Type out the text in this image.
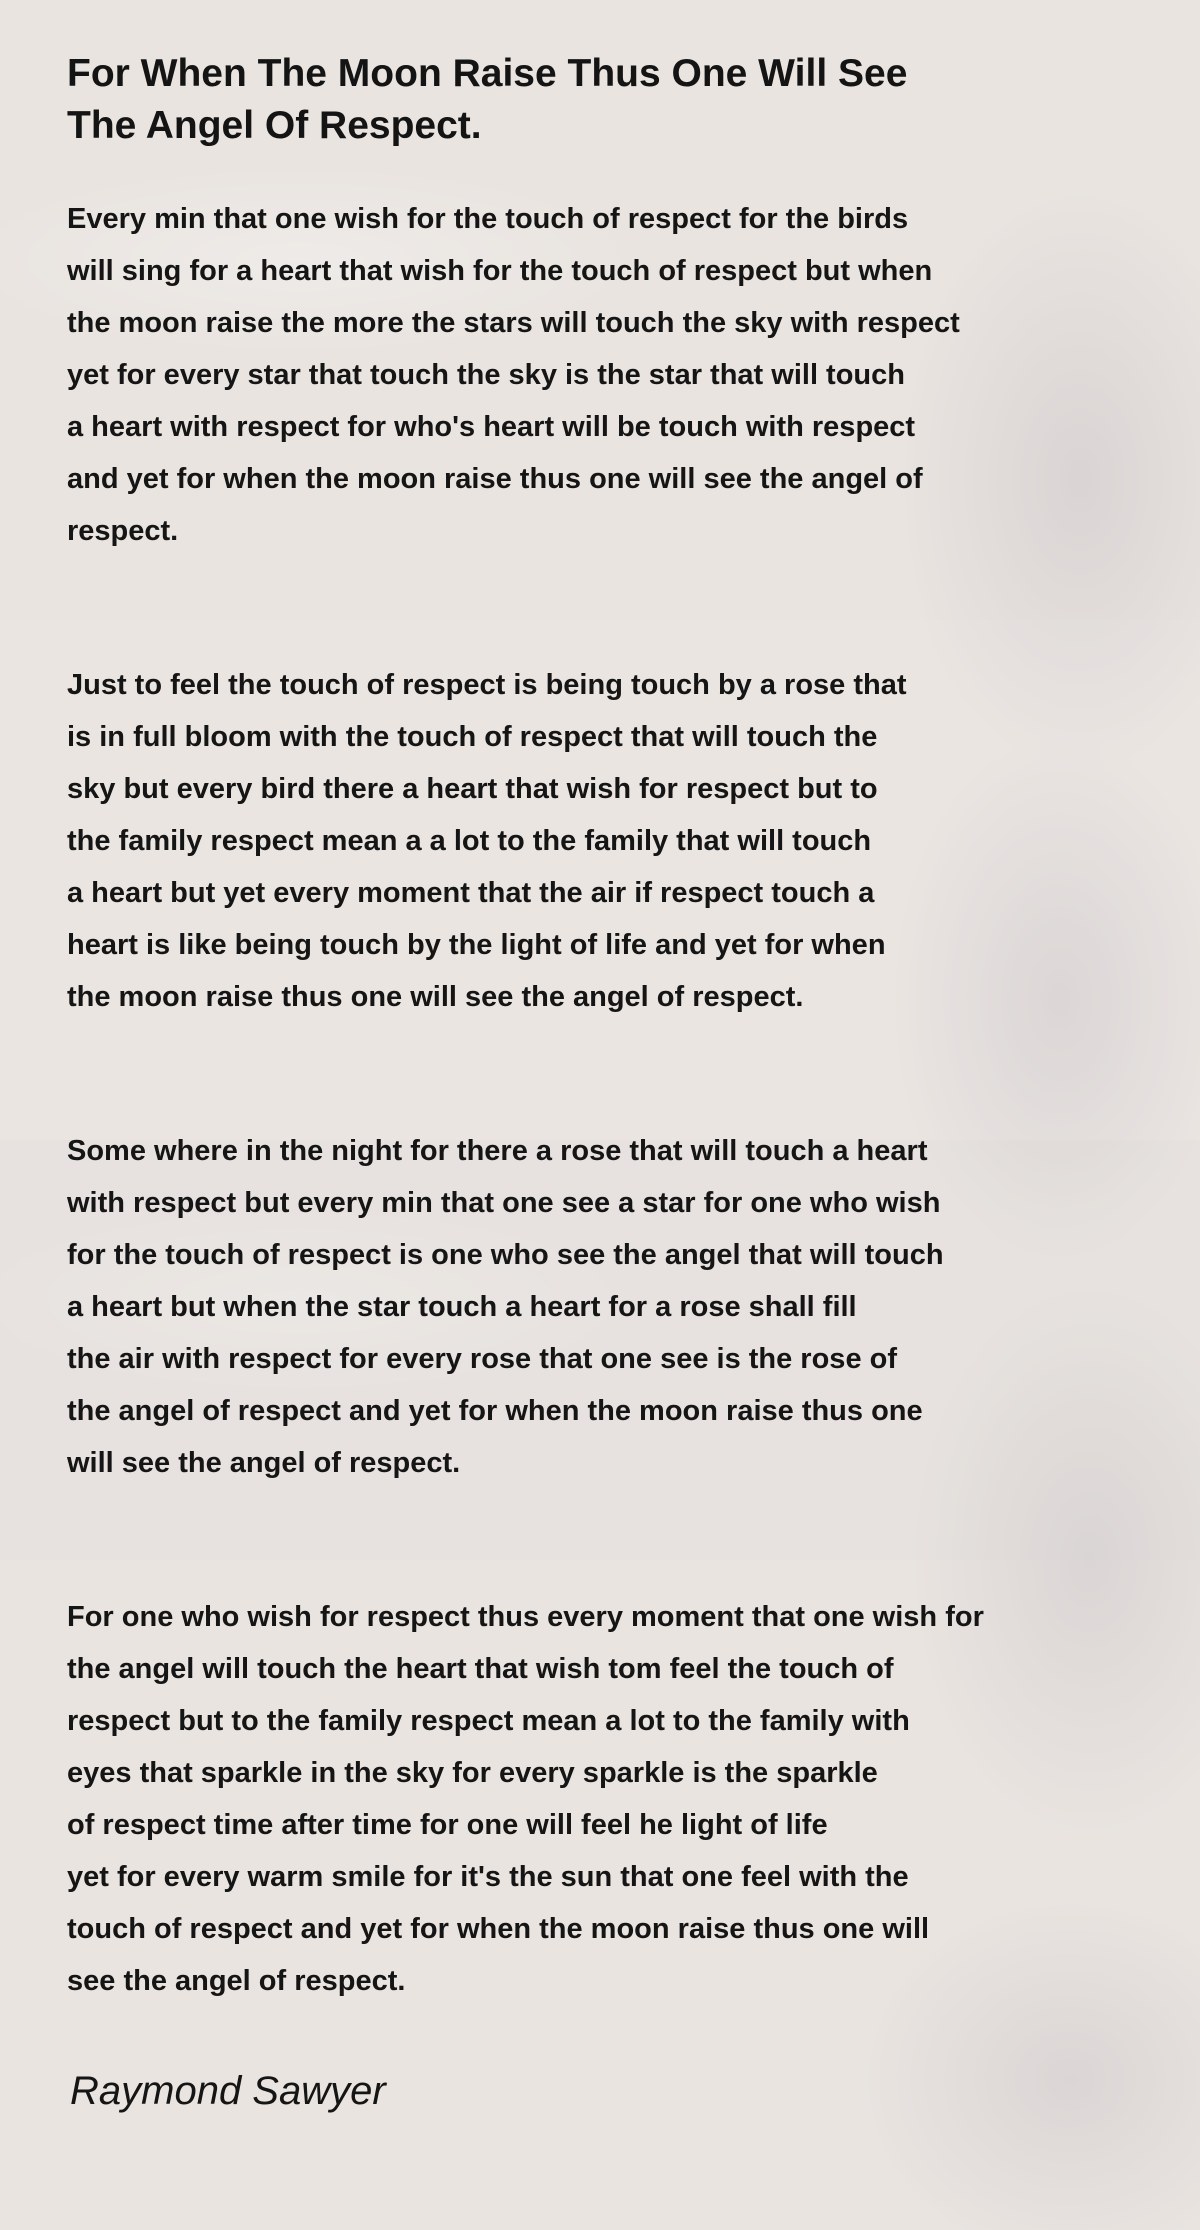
For When The Moon Raise Thus One Will See
The Angel Of Respect.

Every min that one wish for the touch of respect for the birds
will sing for a heart that wish for the touch of respect but when
the moon raise the more the stars will touch the sky with respect
yet for every star that touch the sky is the star that will touch
a heart with respect for who's heart will be touch with respect
and yet for when the moon raise thus one will see the angel of
respect.

Just to feel the touch of respect is being touch by a rose that
is in full bloom with the touch of respect that will touch the
sky but every bird there a heart that wish for respect but to
the family respect mean a a lot to the family that will touch
a heart but yet every moment that the air if respect touch a
heart is like being touch by the light of life and yet for when
the moon raise thus one will see the angel of respect.

Some where in the night for there a rose that will touch a heart
with respect but every min that one see a star for one who wish
for the touch of respect is one who see the angel that will touch
a heart but when the star touch a heart for a rose shall fill
the air with respect for every rose that one see is the rose of
the angel of respect and yet for when the moon raise thus one
will see the angel of respect.

For one who wish for respect thus every moment that one wish for
the angel will touch the heart that wish tom feel the touch of
respect but to the family respect mean a lot to the family with
eyes that sparkle in the sky for every sparkle is the sparkle
of respect time after time for one will feel he light of life
yet for every warm smile for it's the sun that one feel with the
touch of respect and yet for when the moon raise thus one will
see the angel of respect.

Raymond Sawyer
